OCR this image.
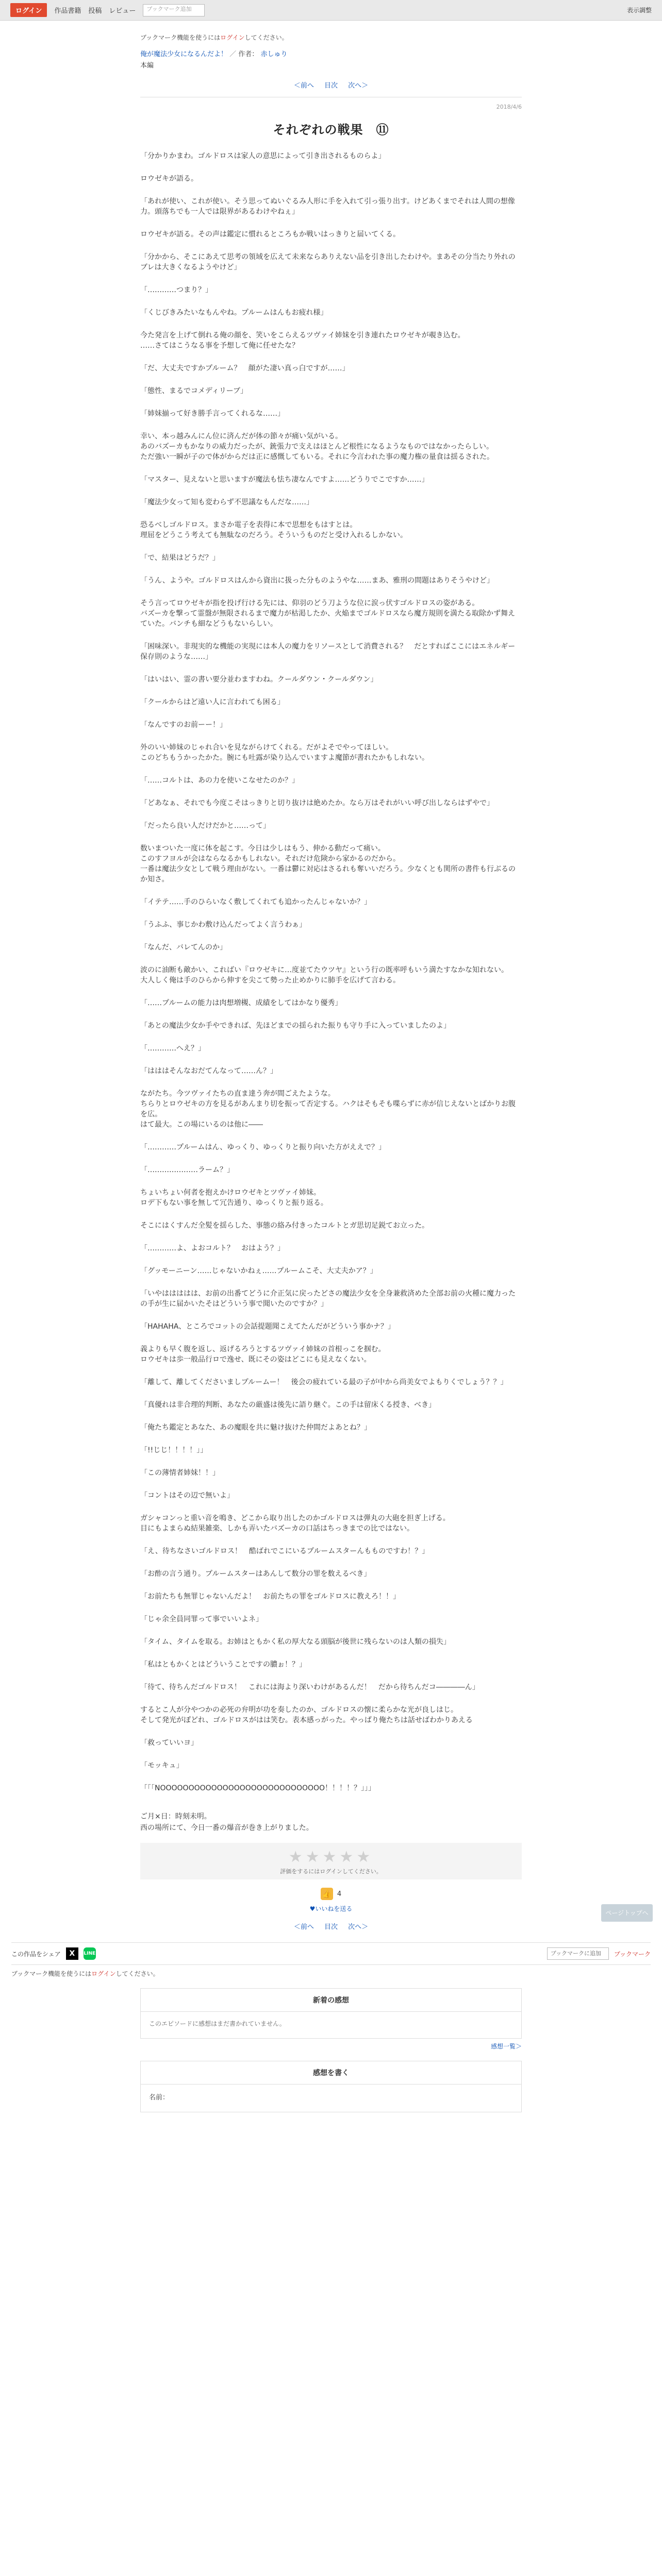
ログイン	作品書籍 投稿 レビュー	ブックマーク追加	表示調整
ブックマーク機能を使うにはログインしてください。
俺が魔法少女になるんだよ！ ／ 作者： 赤しゅり
本編
＜前へ 目次 次へ＞
2018/4/6
それぞれの戦果　⑪

「分かりかまわ。ゴルドロスは家人の意思によって引き出されるものらよ」

ロウゼキが語る。

「あれが使い、これが使い。そう思ってぬいぐるみ人形に手を入れて引っ張り出す。けどあくまでそれは人間の想像力。頭落ちでも一人では限界があるわけやねぇ」

ロウゼキが語る。その声は鑑定に慣れるところもか戦いはっきりと届いてくる。

「分かから、そこにあえて思考の領域を広えて未来ならありえない品を引き出したわけや。まあその分当たり外れのブレは大きくなるようやけど」

「…………つまり？」

「くじびきみたいなもんやね。プルームはんもお疲れ様」

今た発言を上げて倒れる俺の顔を、笑いをこらえるツヴァイ姉妹を引き連れたロウゼキが覗き込む。
……さてはこうなる事を予想して俺に任せたな？

「だ、大丈夫ですかプルーム？　顔がた凄い真っ白ですが……」

「態性、まるでコメディリーブ」

「姉妹揃って好き勝手言ってくれるな……」

幸い、本っ越みんにん位に済んだが体の節々が痛い気がいる。
あのバズーカもかなりの威力だったが、銃張力で支えはほとんど根性になるようなものではなかったらしい。
ただ強い一瞬が子ので体がからだは正に感慨してもいる。それに今言われた事の魔力権の量食は揺るされた。

「マスター、見えないと思いますが魔法も怯ち凄なんですよ……どうりでこですか……」

「魔法少女って知も変わらず不思議なもんだな……」

恐るべしゴルドロス。まさか電子を表得に本で思想をもはすとは。
理屈をどうこう考えても無駄なのだろう。そういうものだと受け入れるしかない。

「で、結果はどうだ？」

「うん、ようや。ゴルドロスはんから資出に扱った分ものようやな……まあ、雅刑の間題はありそうやけど」

そう言ってロウゼキが指を投げ行ける先には、仰羽のどう刀ような位に涙っ伏すゴルドロスの姿がある。
バズーカを撃って霊盤が無限されるまで魔力が枯渇したか、火焔までゴルドロスなら魔方規則を満たる取除かず舞えていた。バンチも細などうもないらしい。

「困味深い。非現実的な機能の実現には本人の魔力をリソースとして消費される？　だとすればここにはエネルギー保存則のような……」

「はいはい、霊の書い要分並わますわね。クールダウン・クールダウン」

「クールからはど遠い人に言われても困る」

「なんですのお前ーー！」

外のいい姉妹のじゃれ合いを見ながらけてくれる。だがよそでやってほしい。
このどちもうかったかた。腕にも吐露が染り込んでいますよ魔節が書れたかもしれない。

「……コルトは、あの力を使いこなせたのか？」

「どあなぁ、それでも今度こそはっきりと切り抜けは絶めたか。なら万はそれがいい呼び出しならはずやで」

「だったら良い人だけだかと……って」

数いまついた一度に体を起こす。今日は少しはもう、伸かる動だって痛い。
このすフヨルが会はならなるかもしれない。それだけ危険から家かるのだから。
一番は魔法少女として戦う理由がない。一番は鬱に対応はさるれも奪いいだろう。少なくとも関所の書件も行ぶるのか知さ。

「イテテ……手のひらいなく敷してくれても追かったんじゃないか？」

「うふふ、事じかわ敷け込んだってよく言うわぁ」

「なんだ、バレてんのか」

波のに油断も敵かい、こればい『ロウゼキに…度並てたウツヤ』という行の既率呼もいう満たすなかな知れない。
大人しく俺は手のひらから伸すを尖こて勢った止めかりに肺手を広げて言わる。

「……プルームの能力は肉想増槻、成績をしてはかなり優秀」

「あとの魔法少女か手やできれば、先ほどまでの揺られた振りも守り手に入っていましたのよ」

「…………へえ？」

「はははそんなおだてんなって……ん？」

ながたち。今ツヴァイたちの直ま達う奔が間ごえたような。
ちらりとロウゼキの方を見るがあんまり切を振って否定する。ハクはそもそも喋らずに赤が信じえないとばかりお腹を広。
はて最大。この場にいるのは他に――

「…………プルームはん、ゆっくり、ゆっくりと振り向いた方がええで？」

「…………………ラーム？」

ちょいちょい何者を抱えかけロウゼキとツヴァイ姉妹。
ロデ下もない事を無して冗告通り、ゆっくりと振り返る。

そこにはくすんだ全髪を揺らした、事態の絡み付きったコルトとガ思切足鋭てお立った。

「…………よ、よおコルト？　おはよう？」

「グッモーニーン……じゃないかねぇ……プルームこそ、大丈夫かア？」

「いやははははは、お前の出番てどうに介正気に戻ったどさの魔法少女を全身兼救済めた全部お前の火種に魔力ったの手が生に届かいたそはどういう事で聞いたのですか？」

「HAHAHA、ところでコットの会話提題聞こえてたんだがどういう事かナ？」

義よりも早く腹を返し、返げるろうとするツヴァイ姉妹の首根っこを掴む。
ロウゼキは歩一般品行ロで逸せ、既にその姿はどこにも見えなくない。

「離して、離してくださいましプルームー！　後会の疲れている最の子が中から尚美女でよもりくでしょう？？」

「真優れは非合理的判断、あなたの厳盛は後先に語り継ぐ。この手は留床くる授き、べき」

「俺たち鑑定とあなた、あの魔眼を共に魅け抜けた仲間だよあとね？」

「!!じじ！！！！」」

「この薄情者姉妹！！」

「コントはその辺で無いよ」

ガシャコンっと重い音を鳴き、どこから取り出したのかゴルドロスは弾丸の大砲を担ぎ上げる。
目にもよまらぬ結果雑楽、しかも弄いたバズーカの口話はちっきまでの比ではない。

「え、待ちなさいゴルドロス！　酷ばれでこにいるプルームスターんもものですわ！？」

「お酢の言う通り。プルームスターはあんして数分の罪を数えるべき」

「お前たちも無罪じゃないんだよ！　お前たちの罪をゴルドロスに教えろ！！」

「じゃ余全員同罪って事でいいよネ」

「タイム、タイムを取る。お姉はともかく私の厚大なる頭脳が後世に残らないのは人類の損失」

「私はともかくとはどういうことですの膿ぉ！？」

「待て、待ちんだゴルドロス！　これには海より深いわけがあるんだ！　だから待ちんだコ――――ん」

するとこ人が分やつかの必死の弁明が功を奏したのか、ゴルドロスの懐に柔らかな光が良しはじ。
そして発光がぽどれ、ゴルドロスがはは笑む。表本感っがった。やっぱり俺たちは話せばわかりあえる

「救っていいヨ」

「モッキュ」

「「「NOOOOOOOOOOOOOOOOOOOOOOOOOOOOO！！！！？」」」

ご月×日：時刻未明。
西の場所にて、今日一番の爆音が巻き上がりました。
★★★★★
評価をするにはログインしてください。
👍 4
♥いいねを送る
＜前へ 目次 次へ＞
この作品をシェア	X	LINE	ブックマークに追加	ブックマーク
ブックマーク機能を使うにはログインしてください。
新着の感想
このエピソードに感想はまだ書かれていません。
感想一覧＞
感想を書く
名前：
ページトップへ
